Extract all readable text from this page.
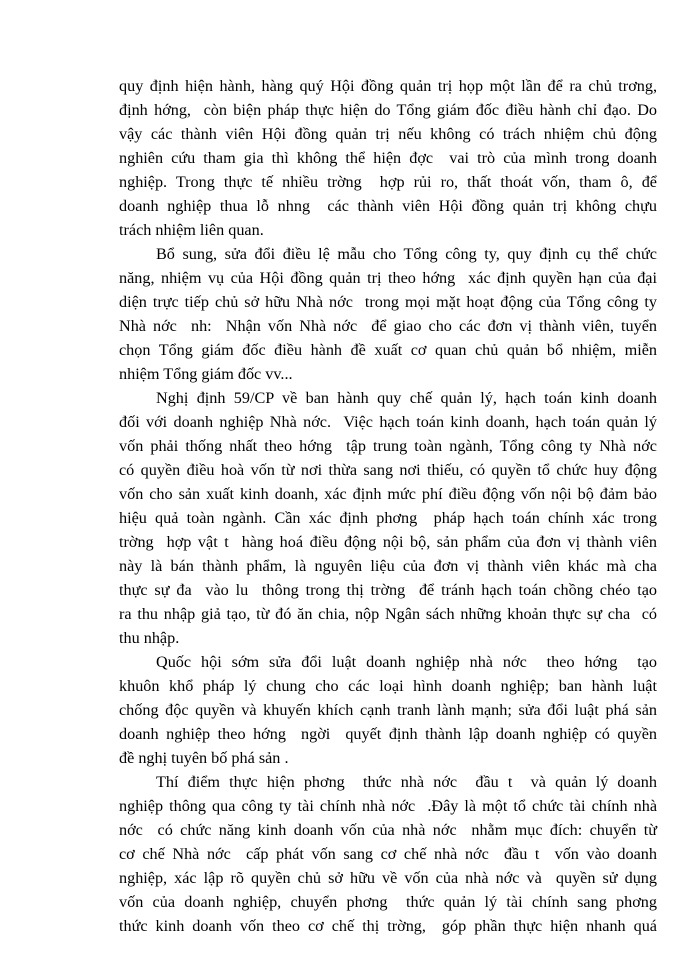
quy định hiện hành, hàng quý Hội đồng quản trị họp một lần để ra chủ trơng,
định hớng,  còn biện pháp thực hiện do Tổng giám đốc điều hành chỉ đạo. Do
vậy các thành viên Hội đồng quản trị nếu không có trách nhiệm chủ động
nghiên cứu tham gia thì không thể hiện đợc  vai trò của mình trong doanh
nghiệp. Trong thực tế nhiều trờng  hợp rủi ro, thất thoát vốn, tham ô, để
doanh nghiệp thua lỗ nhng  các thành viên Hội đồng quản trị không chựu
trách nhiệm liên quan.
Bổ sung, sửa đổi điều lệ mẫu cho Tổng công ty, quy định cụ thể chức
năng, nhiệm vụ của Hội đồng quản trị theo hớng  xác định quyền hạn của đại
diện trực tiếp chủ sở hữu Nhà nớc  trong mọi mặt hoạt động của Tổng công ty
Nhà nớc  nh:  Nhận vốn Nhà nớc  để giao cho các đơn vị thành viên, tuyển
chọn Tổng giám đốc điều hành đề xuất cơ quan chủ quản bổ nhiệm, miễn
nhiệm Tổng giám đốc vv...
Nghị định 59/CP về ban hành quy chế quản lý, hạch toán kinh doanh
đối với doanh nghiệp Nhà nớc.  Việc hạch toán kinh doanh, hạch toán quản lý
vốn phải thống nhất theo hớng  tập trung toàn ngành, Tổng công ty Nhà nớc
có quyền điều hoà vốn từ nơi thừa sang nơi thiếu, có quyền tổ chức huy động
vốn cho sản xuất kinh doanh, xác định mức phí điều động vốn nội bộ đảm bảo
hiệu quả toàn ngành. Cần xác định phơng  pháp hạch toán chính xác trong
trờng  hợp vật t  hàng hoá điều động nội bộ, sản phẩm của đơn vị thành viên
này là bán thành phẩm, là nguyên liệu của đơn vị thành viên khác mà cha
thực sự đa  vào lu  thông trong thị trờng  để tránh hạch toán chồng chéo tạo
ra thu nhập giả tạo, từ đó ăn chia, nộp Ngân sách những khoản thực sự cha  có
thu nhập.
Quốc hội sớm sửa đổi luật doanh nghiệp nhà nớc  theo hớng  tạo
khuôn khổ pháp lý chung cho các loại hình doanh nghiệp; ban hành luật
chống độc quyền và khuyến khích cạnh tranh lành mạnh; sửa đổi luật phá sản
doanh nghiệp theo hớng  ngời  quyết định thành lập doanh nghiệp có quyền
đề nghị tuyên bố phá sản .
Thí điểm thực hiện phơng  thức nhà nớc  đầu t  và quản lý doanh
nghiệp thông qua công ty tài chính nhà nớc  .Đây là một tổ chức tài chính nhà
nớc  có chức năng kinh doanh vốn của nhà nớc  nhằm mục đích: chuyển từ
cơ chế Nhà nớc  cấp phát vốn sang cơ chế nhà nớc  đầu t  vốn vào doanh
nghiệp, xác lập rõ quyền chủ sở hữu về vốn của nhà nớc và  quyền sử dụng
vốn của doanh nghiệp, chuyển phơng  thức quản lý tài chính sang phơng
thức kinh doanh vốn theo cơ chế thị trờng,  góp phần thực hiện nhanh quá
